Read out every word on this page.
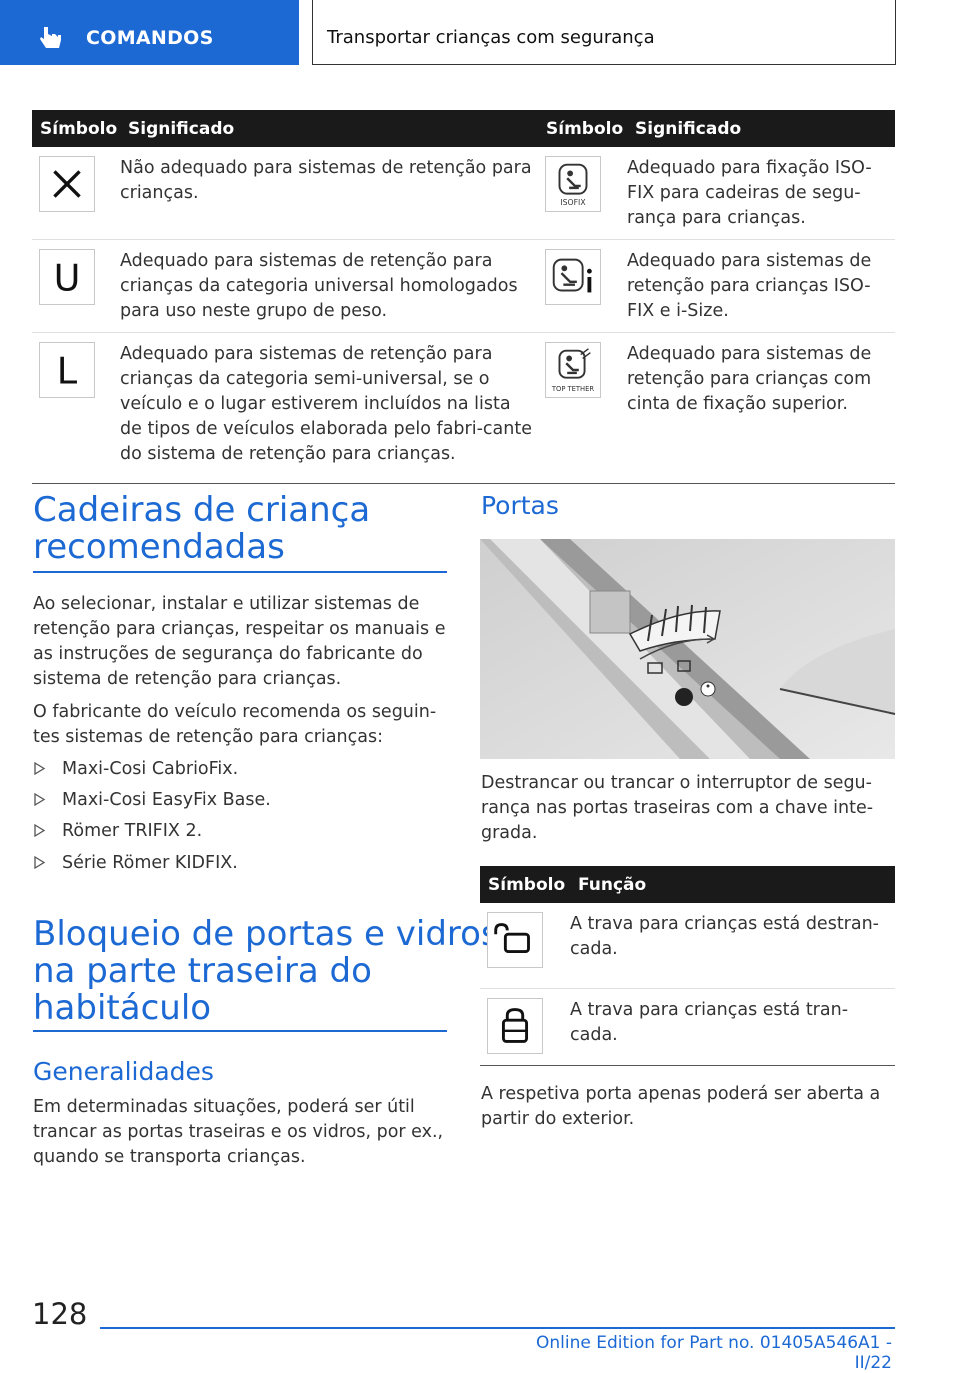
COMANDOS	Transportar crianças com segurança
Símbolo	Significado	Símbolo	Significado

	Não adequado para sistemas de retenção para crianças.	ISOFIX	Adequado para fixação ISO-FIX para cadeiras de segu-rança para crianças.

U	Adequado para sistemas de retenção para crianças da categoria universal homologados para uso neste grupo de peso.		Adequado para sistemas de retenção para crianças ISO-FIX e i-Size.

L	Adequado para sistemas de retenção para crianças da categoria semi-universal, se o veículo e o lugar estiverem incluídos na lista de tipos de veículos elaborada pelo fabri-cante do sistema de retenção para crianças.	TOP TETHER	Adequado para sistemas de retenção para crianças com cinta de fixação superior.
Cadeiras de criança
recomendadas
Ao selecionar, instalar e utilizar sistemas de
retenção para crianças, respeitar os manuais e
as instruções de segurança do fabricante do
sistema de retenção para crianças.
O fabricante do veículo recomenda os seguin-
tes sistemas de retenção para crianças:
Maxi-Cosi CabrioFix.
Maxi-Cosi EasyFix Base.
Römer TRIFIX 2.
Série Römer KIDFIX.
Bloqueio de portas e vidros
na parte traseira do
habitáculo
Generalidades
Em determinadas situações, poderá ser útil
trancar as portas traseiras e os vidros, por ex.,
quando se transporta crianças.
Portas
Destrancar ou trancar o interruptor de segu-
rança nas portas traseiras com a chave inte-
grada.
Símbolo	Função

A trava para crianças está destran-
cada.

A trava para crianças está tran-
cada.
A respetiva porta apenas poderá ser aberta a
partir do exterior.
128
Online Edition for Part no. 01405A546A1 - II/22
